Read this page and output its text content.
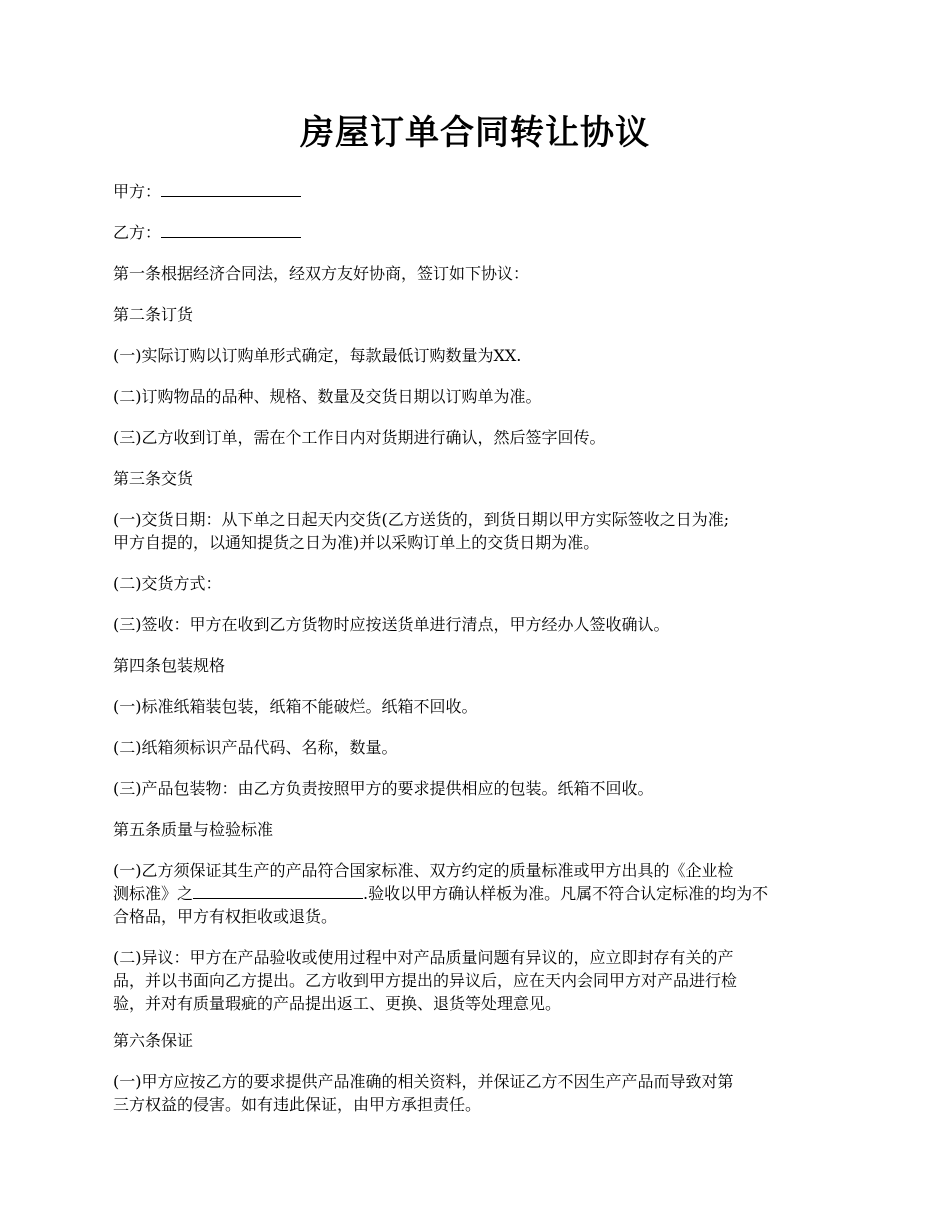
房屋订单合同转让协议
甲方：
乙方：
第一条根据经济合同法，经双方友好协商，签订如下协议：
第二条订货
(一)实际订购以订购单形式确定，每款最低订购数量为XX.
(二)订购物品的品种、规格、数量及交货日期以订购单为准。
(三)乙方收到订单，需在个工作日内对货期进行确认，然后签字回传。
第三条交货
(一)交货日期：从下单之日起天内交货(乙方送货的，到货日期以甲方实际签收之日为准;
甲方自提的，以通知提货之日为准)并以采购订单上的交货日期为准。
(二)交货方式：
(三)签收：甲方在收到乙方货物时应按送货单进行清点，甲方经办人签收确认。
第四条包装规格
(一)标准纸箱装包装，纸箱不能破烂。纸箱不回收。
(二)纸箱须标识产品代码、名称，数量。
(三)产品包装物：由乙方负责按照甲方的要求提供相应的包装。纸箱不回收。
第五条质量与检验标准
(一)乙方须保证其生产的产品符合国家标准、双方约定的质量标准或甲方出具的《企业检
测标准》之	.验收以甲方确认样板为准。凡属不符合认定标准的均为不
合格品，甲方有权拒收或退货。
(二)异议：甲方在产品验收或使用过程中对产品质量问题有异议的，应立即封存有关的产
品，并以书面向乙方提出。乙方收到甲方提出的异议后，应在天内会同甲方对产品进行检
验，并对有质量瑕疵的产品提出返工、更换、退货等处理意见。
第六条保证
(一)甲方应按乙方的要求提供产品准确的相关资料，并保证乙方不因生产产品而导致对第
三方权益的侵害。如有违此保证，由甲方承担责任。
